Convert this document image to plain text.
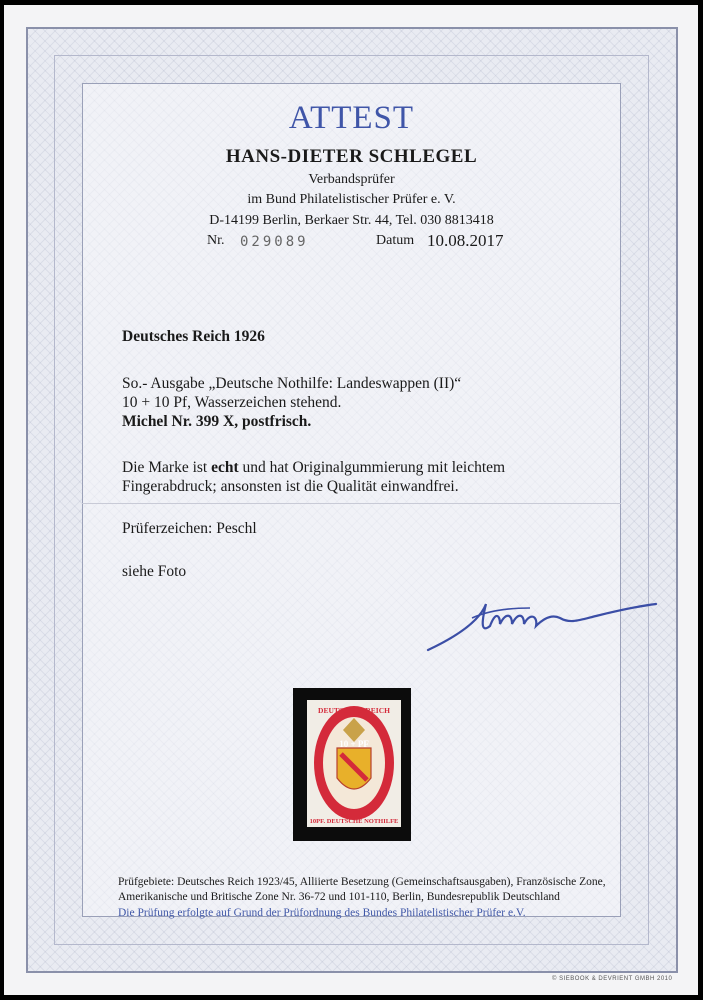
ATTEST
HANS-DIETER SCHLEGEL
Verbandsprüfer
im Bund Philatelistischer Prüfer e. V.
D-14199 Berlin, Berkaer Str. 44, Tel. 030 8813418
Nr. 029089	Datum 10.08.2017
Deutsches Reich 1926
So.- Ausgabe „Deutsche Nothilfe: Landeswappen (II)“
10 + 10 Pf, Wasserzeichen stehend.
Michel Nr. 399 X, postfrisch.
Die Marke ist echt und hat Originalgummierung mit leichtem
Fingerabdruck; ansonsten ist die Qualität einwandfrei.
Prüferzeichen: Peschl
siehe Foto
DEUTSCHES REICH
10PF. DEUTSCHE NOTHILFE
10 + PF
Prüfgebiete: Deutsches Reich 1923/45, Alliierte Besetzung (Gemeinschaftsausgaben), Französische Zone,
Amerikanische und Britische Zone Nr. 36-72 und 101-110, Berlin, Bundesrepublik Deutschland
Die Prüfung erfolgte auf Grund der Prüfordnung des Bundes Philatelistischer Prüfer e.V.
© SIEBOOK & DEVRIENT GMBH 2010
